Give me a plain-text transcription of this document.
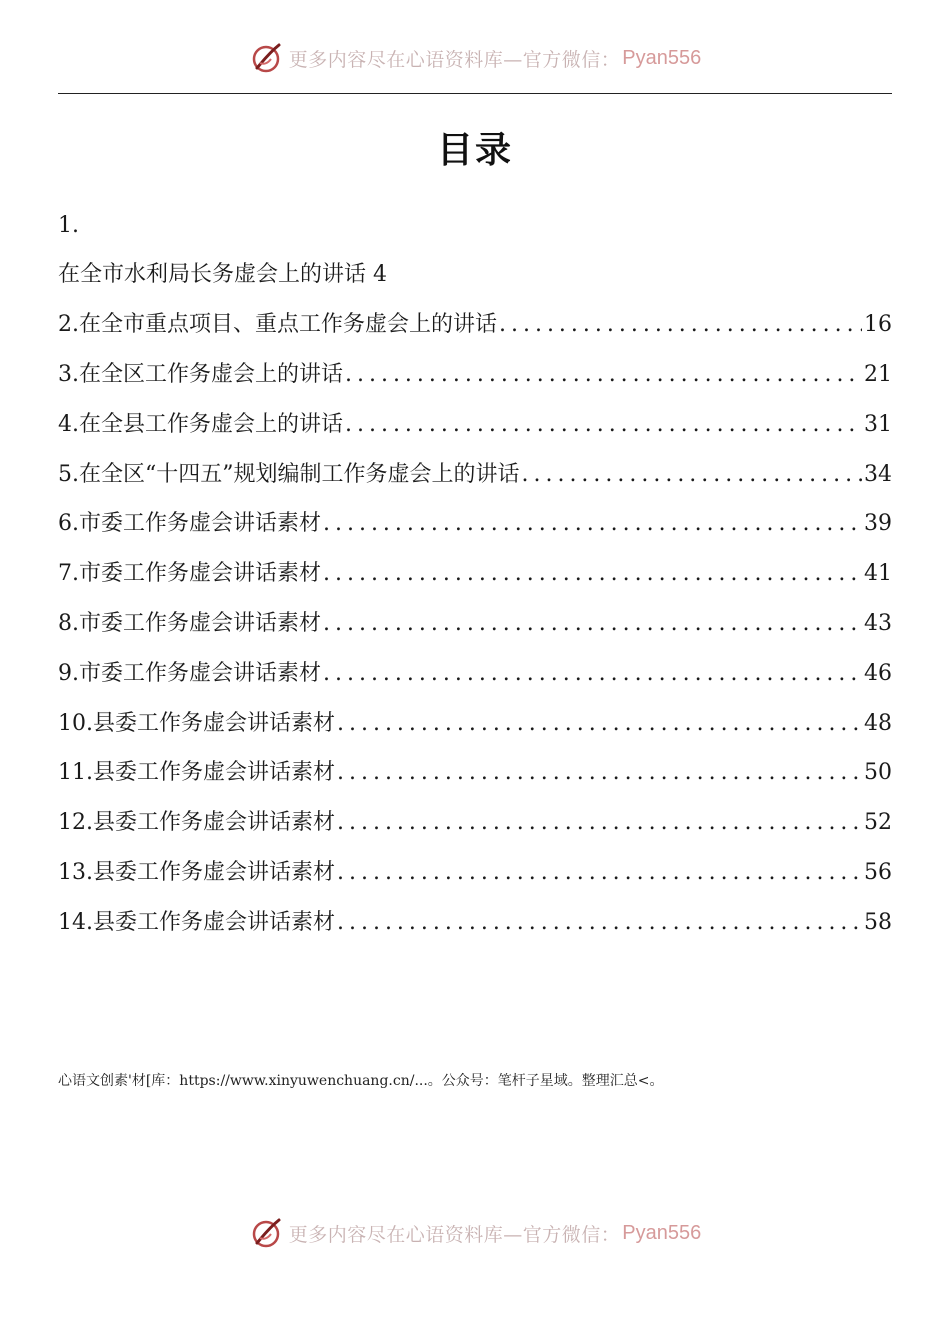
更多内容尽在心语资料库—官方微信： Pyan556
目录
1.
在全市水利局长务虚会上的讲话 4
2.在全市重点项目、重点工作务虚会上的讲话 . . .	16
3.在全区工作务虚会上的讲话 . . .	21
4.在全县工作务虚会上的讲话 . . .	31
5.在全区“十四五”规划编制工作务虚会上的讲话 . . .	34
6.市委工作务虚会讲话素材 . . .	39
7.市委工作务虚会讲话素材 . . .	41
8.市委工作务虚会讲话素材 . . .	43
9.市委工作务虚会讲话素材 . . .	46
10.县委工作务虚会讲话素材 . . .	48
11.县委工作务虚会讲话素材 . . .	50
12.县委工作务虚会讲话素材 . . .	52
13.县委工作务虚会讲话素材 . . .	56
14.县委工作务虚会讲话素材 . . .	58
心语文创素'材[库：https://www.xinyuwenchuang.cn/...。公众号：笔杆子星域。整理汇总<。
更多内容尽在心语资料库—官方微信： Pyan556
